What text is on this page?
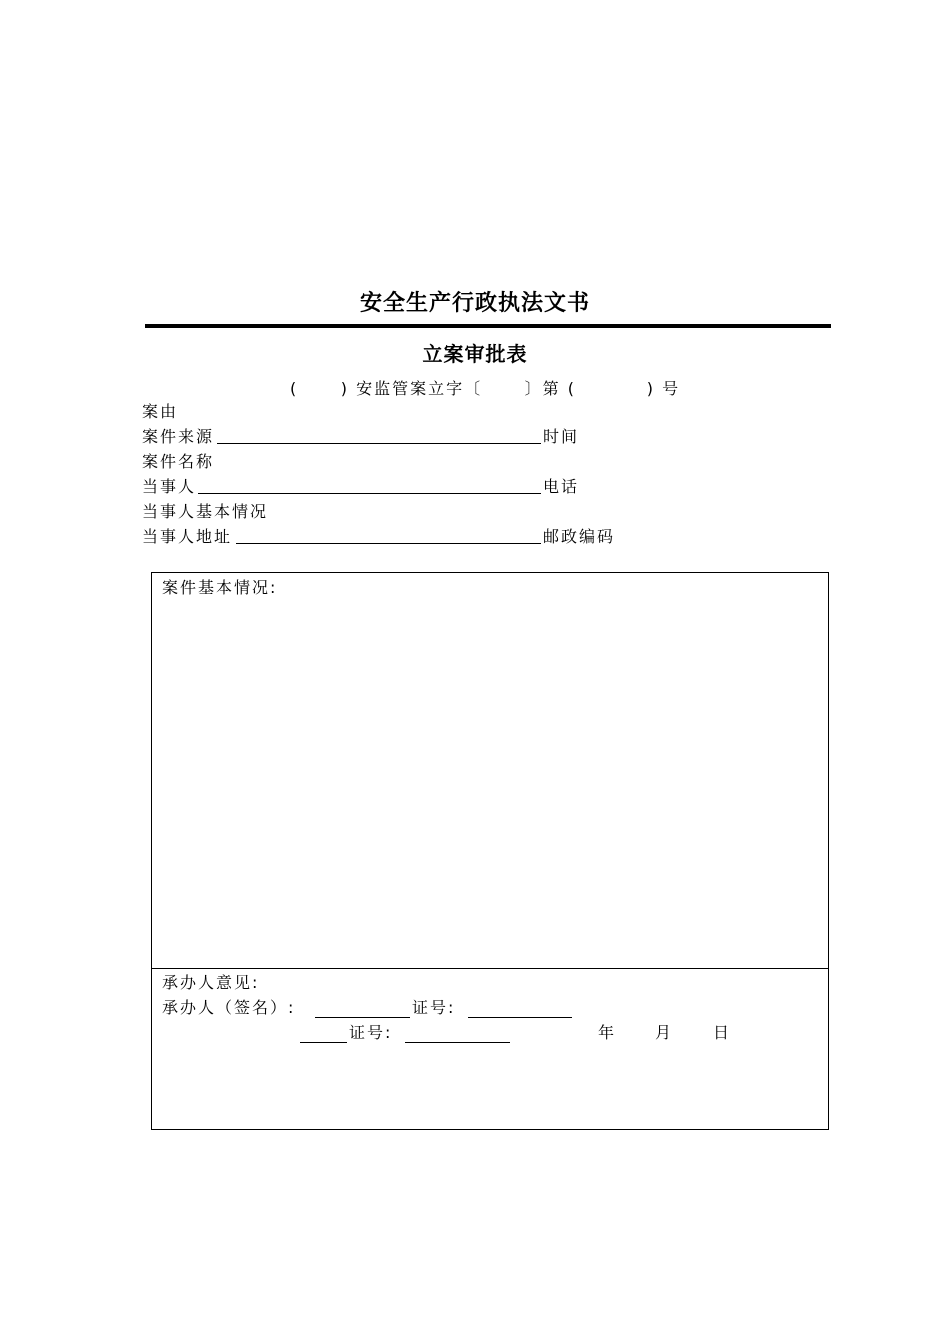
安全生产行政执法文书
立案审批表
(      ) 安监管案立字〔      〕第 (          ) 号
案由
案件来源	时间
案件名称
当事人	电话
当事人基本情况
当事人地址	邮政编码
案件基本情况:
承办人意见:
承办人（签名）:	证号:
证号:	年 月 日
